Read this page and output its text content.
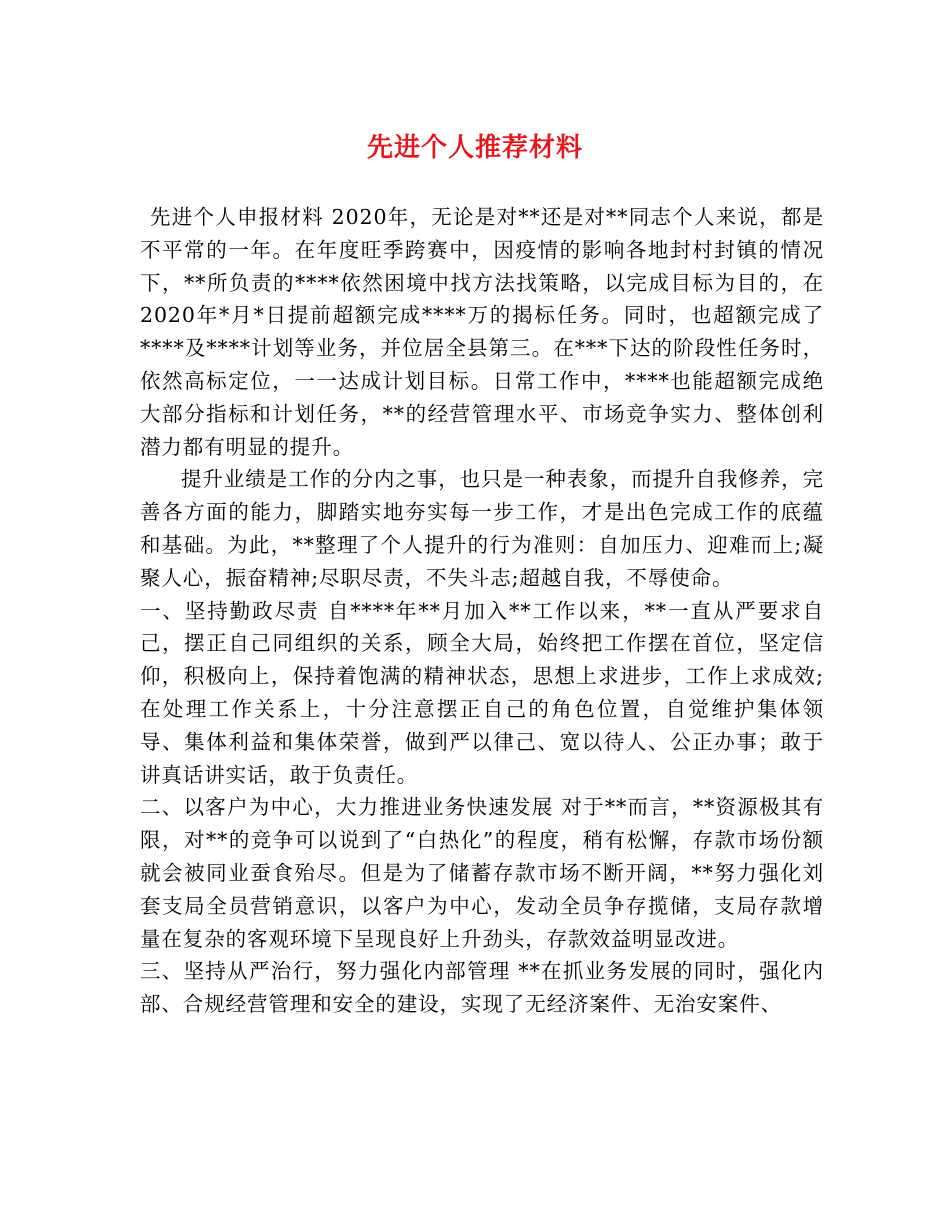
先进个人推荐材料

先进个人申报材料 2020年，无论是对**还是对**同志个人来说，都是不平常的一年。在年度旺季跨赛中，因疫情的影响各地封村封镇的情况下，**所负责的****依然困境中找方法找策略，以完成目标为目的，在2020年*月*日提前超额完成****万的揭标任务。同时，也超额完成了****及****计划等业务，并位居全县第三。在***下达的阶段性任务时，依然高标定位，一一达成计划目标。日常工作中，****也能超额完成绝大部分指标和计划任务，**的经营管理水平、市场竞争实力、整体创利潜力都有明显的提升。

提升业绩是工作的分内之事，也只是一种表象，而提升自我修养，完善各方面的能力，脚踏实地夯实每一步工作，才是出色完成工作的底蕴和基础。为此，**整理了个人提升的行为准则：自加压力、迎难而上;凝聚人心，振奋精神;尽职尽责，不失斗志;超越自我，不辱使命。

一、坚持勤政尽责 自****年**月加入**工作以来，**一直从严要求自己，摆正自己同组织的关系，顾全大局，始终把工作摆在首位，坚定信仰，积极向上，保持着饱满的精神状态，思想上求进步，工作上求成效;在处理工作关系上，十分注意摆正自己的角色位置，自觉维护集体领导、集体利益和集体荣誉，做到严以律己、宽以待人、公正办事；敢于讲真话讲实话，敢于负责任。

二、以客户为中心，大力推进业务快速发展 对于**而言，**资源极其有限，对**的竞争可以说到了“白热化”的程度，稍有松懈，存款市场份额就会被同业蚕食殆尽。但是为了储蓄存款市场不断开阔，**努力强化刘套支局全员营销意识，以客户为中心，发动全员争存揽储，支局存款增量在复杂的客观环境下呈现良好上升劲头，存款效益明显改进。

三、坚持从严治行，努力强化内部管理 **在抓业务发展的同时，强化内部、合规经营管理和安全的建设，实现了无经济案件、无治安案件、
